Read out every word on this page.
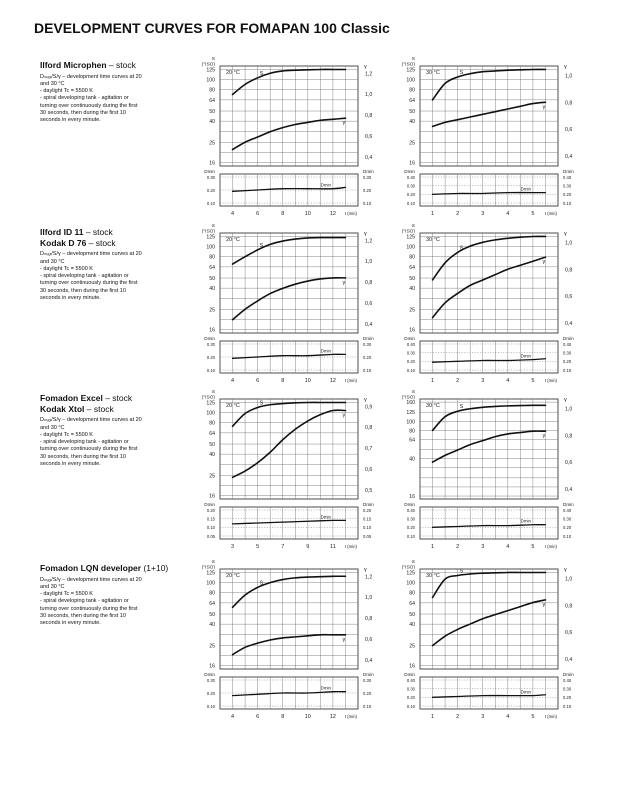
DEVELOPMENT CURVES FOR FOMAPAN 100 Classic
Ilford Microphen – stock
Dₘₐₓ/S/γ – development time curves at 20
and 30 °C
- daylight Tc = 5500 K
- spiral developing tank - agitation or
turning over continuously during the first
30 seconds, then during the first 10
seconds in every minute.
Ilford ID 11 – stock
Kodak D 76 – stock
Dₘₐₓ/S/γ – development time curves at 20
and 30 °C
- daylight Tc = 5500 K
- spiral developing tank - agitation or
turning over continuously during the first
30 seconds, then during the first 10
seconds in every minute.
Fomadon Excel – stock
Kodak Xtol – stock
Dₘₐₓ/S/γ – development time curves at 20
and 30 °C
- daylight Tc = 5500 K
- spiral developing tank - agitation or
turning over continuously during the first
30 seconds, then during the first 10
seconds in every minute.
Fomadon LQN developer (1+10)
Dₘₐₓ/S/γ – development time curves at 20
and 30 °C
- daylight Tc = 5500 K
- spiral developing tank - agitation or
turning over continuously during the first
30 seconds, then during the first 10
seconds in every minute.
125
100
80
64
50
40
25
16
S
(°ISO)
1,2
1,0
0,8
0,6
0,4
γ
0.30	0.30
0.20	0.20
0.10	0.10
Dmin	Dmin
4	6	8	10	12 t (min)
20 °C	S
γ
Dmin
125
100
80
64
50
40
25
16
S
(°ISO)
1,0
0,8
0,6
0,4
γ
0.40	0.40
0.30	0.30
0.20	0.20
0.10	0.10
Dmin	Dmin
1	2	3	4	5 t (min)
30 °C	S
γ
Dmin
125
100
80
64
50
40
25
16
S
(°ISO)
1,2
1,0
0,8
0,6
0,4
γ
0.30	0.30
0.20	0.20
0.10	0.10
Dmin	Dmin
4	6	8	10	12 t (min)
20 °C
S
γ
Dmin
125
100
80
64
50
40
25
16
S
(°ISO)
1,0
0,8
0,6
0,4
γ
0.40	0.40
0.30	0.30
0.20	0.20
0.10	0.10
Dmin	Dmin
1	2	3	4	5 t (min)
30 °C
S
γ
Dmin
125
100
80
64
50
40
25
16
S
(°ISO)
0,9
0,8
0,7
0,6
0,5
γ
0.20	0.20
0.15	0.15
0.10	0.10
0.05	0.05
Dmin	Dmin
3	5	7	9	11 t (min)
20 °C	S
γ
Dmin
160
125
100
80
64
40
16
S
(°ISO)
1,0
0,8
0,6
0,4
γ
0.40	0.40
0.30	0.30
0.20	0.20
0.10	0.10
Dmin	Dmin
1	2	3	4	5 t (min)
30 °C	S
γ
Dmin
125
100
80
64
50
40
25
16
S
(°ISO)
1,2
1,0
0,8
0,6
0,4
γ
0.30	0.30
0.20	0.20
0.10	0.10
Dmin	Dmin
4	6	8	10	12 t (min)
20 °C
S
γ
Dmin
125
100
80
64
50
40
25
16
S
(°ISO)
1,0
0,8
0,6
0,4
γ
0.40	0.40
0.30	0.30
0.20	0.20
0.10	0.10
Dmin	Dmin
1	2	3	4	5 t (min)
30 °C
S
γ
Dmin
